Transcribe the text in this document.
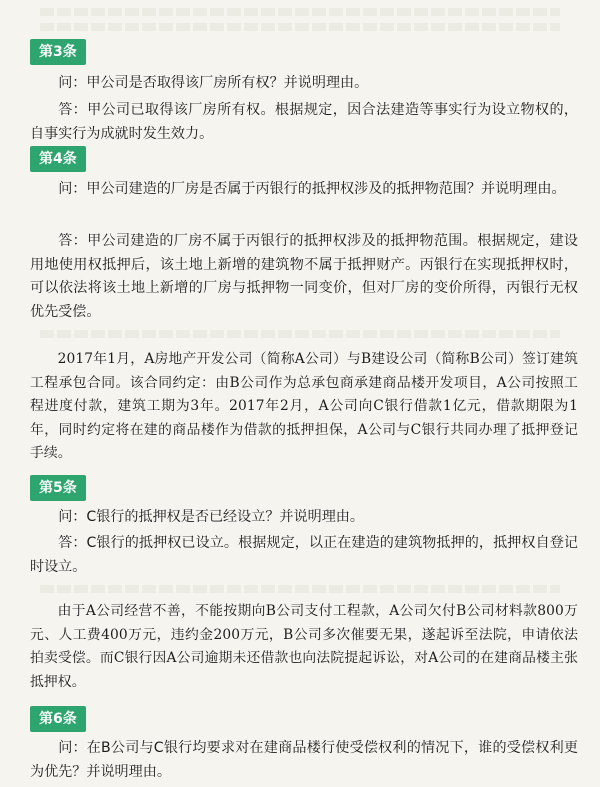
第3条

问：甲公司是否取得该厂房所有权？并说明理由。

答：甲公司已取得该厂房所有权。根据规定，因合法建造等事实行为设立物权的，自事实行为成就时发生效力。

第4条

问：甲公司建造的厂房是否属于丙银行的抵押权涉及的抵押物范围？并说明理由。

答：甲公司建造的厂房不属于丙银行的抵押权涉及的抵押物范围。根据规定，建设用地使用权抵押后，该土地上新增的建筑物不属于抵押财产。丙银行在实现抵押权时，可以依法将该土地上新增的厂房与抵押物一同变价，但对厂房的变价所得，丙银行无权优先受偿。

2017年1月，A房地产开发公司（简称A公司）与B建设公司（简称B公司）签订建筑工程承包合同。该合同约定：由B公司作为总承包商承建商品楼开发项目，A公司按照工程进度付款，建筑工期为3年。2017年2月，A公司向C银行借款1亿元，借款期限为1年，同时约定将在建的商品楼作为借款的抵押担保，A公司与C银行共同办理了抵押登记手续。

第5条

问：C银行的抵押权是否已经设立？并说明理由。

答：C银行的抵押权已设立。根据规定，以正在建造的建筑物抵押的，抵押权自登记时设立。

由于A公司经营不善，不能按期向B公司支付工程款，A公司欠付B公司材料款800万元、人工费400万元，违约金200万元，B公司多次催要无果，遂起诉至法院，申请依法拍卖受偿。而C银行因A公司逾期未还借款也向法院提起诉讼，对A公司的在建商品楼主张抵押权。

第6条

问：在B公司与C银行均要求对在建商品楼行使受偿权利的情况下，谁的受偿权利更为优先？并说明理由。
